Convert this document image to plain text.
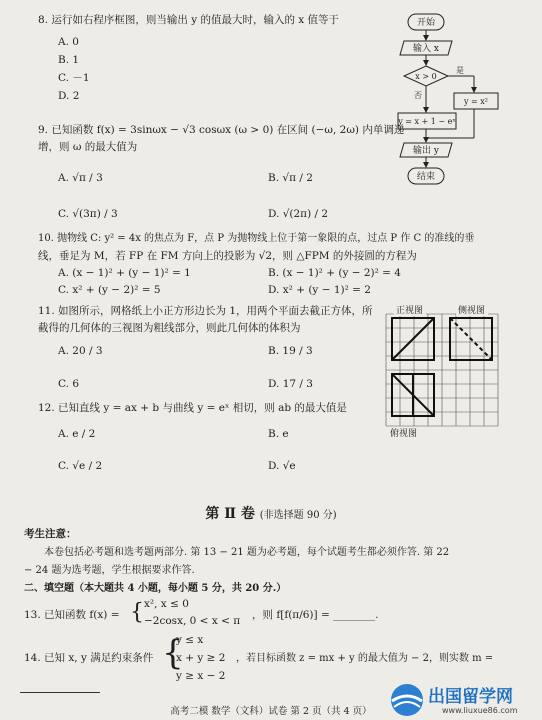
8. 运行如右程序框图，则当输出 y 的值最大时，输入的 x 值等于
A. 0
B. 1
C. －1
D. 2
开始
输入 x
x > 0
是
否
y = x²
y = x + 1 − eˣ
输出 y
结束
9. 已知函数 f(x) = 3sinωx − √3 cosωx (ω > 0) 在区间 (−ω, 2ω) 内单调递
增，则 ω 的最大值为
A. √π / 3	B. √π / 2
C. √(3π) / 3	D. √(2π) / 2
10. 抛物线 C: y² = 4x 的焦点为 F，点 P 为抛物线上位于第一象限的点，过点 P 作 C 的准线的垂
线，垂足为 M，若 FP 在 FM 方向上的投影为 √2，则 △FPM 的外接圆的方程为
A. (x − 1)² + (y − 1)² = 1	B. (x − 1)² + (y − 2)² = 4
C. x² + (y − 2)² = 5	D. x² + (y − 1)² = 2
11. 如图所示，网格纸上小正方形边长为 1，用两个平面去截正方体，所
截得的几何体的三视图为粗线部分，则此几何体的体积为
A. 20 / 3	B. 19 / 3
C. 6	D. 17 / 3
正视图	侧视图
俯视图
12. 已知直线 y = ax + b 与曲线 y = eˣ 相切，则 ab 的最大值是
A. e / 2	B. e
C. √e / 2	D. √e
第 Ⅱ 卷 (非选择题 90 分)
考生注意：
本卷包括必考题和选考题两部分. 第 13 − 21 题为必考题，每个试题考生都必须作答. 第 22
− 24 题为选考题，学生根据要求作答.
二、填空题（本大题共 4 小题，每小题 5 分，共 20 分.）
13. 已知函数 f(x) = { x², x ≤ 0
−2cosx, 0 < x < π ，则 f[f(π/6)] = ________.
14. 已知 x, y 满足约束条件 {
y ≤ x
x + y ≥ 2
y ≥ x − 2
，若目标函数 z = mx + y 的最大值为 − 2，则实数 m =
高考二模 数学（文科）试卷 第 2 页（共 4 页）
出国留学网
www.liuxue86.com
